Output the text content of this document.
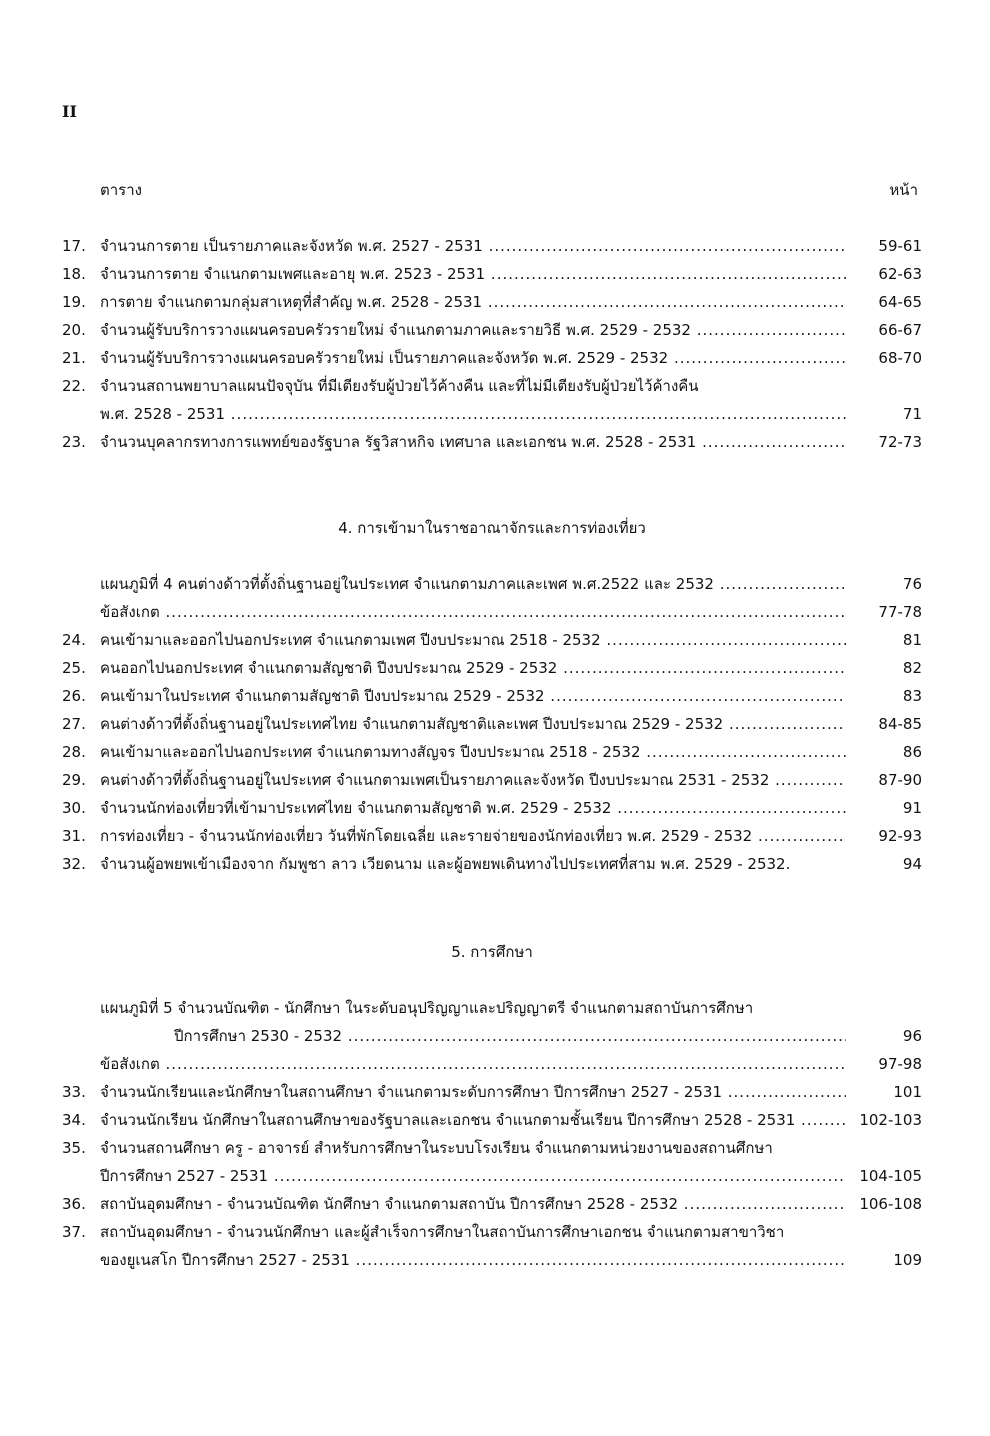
II
ตาราง	หน้า
17. จำนวนการตาย เป็นรายภาคและจังหวัด พ.ศ. 2527 - 2531 .....	59-61
18. จำนวนการตาย จำแนกตามเพศและอายุ พ.ศ. 2523 - 2531 .....	62-63
19. การตาย จำแนกตามกลุ่มสาเหตุที่สำคัญ พ.ศ. 2528 - 2531 .....	64-65
20. จำนวนผู้รับบริการวางแผนครอบครัวรายใหม่ จำแนกตามภาคและรายวิธี พ.ศ. 2529 - 2532 .....	66-67
21. จำนวนผู้รับบริการวางแผนครอบครัวรายใหม่ เป็นรายภาคและจังหวัด พ.ศ. 2529 - 2532 .....	68-70
22. จำนวนสถานพยาบาลแผนปัจจุบัน ที่มีเตียงรับผู้ป่วยไว้ค้างคืน และที่ไม่มีเตียงรับผู้ป่วยไว้ค้างคืน
พ.ศ. 2528 - 2531 .....	71
23. จำนวนบุคลากรทางการแพทย์ของรัฐบาล รัฐวิสาหกิจ เทศบาล และเอกชน พ.ศ. 2528 - 2531 .....	72-73
4. การเข้ามาในราชอาณาจักรและการท่องเที่ยว
แผนภูมิที่ 4 คนต่างด้าวที่ตั้งถิ่นฐานอยู่ในประเทศ จำแนกตามภาคและเพศ พ.ศ.2522 และ 2532 .....	76
ข้อสังเกต .....	77-78
24. คนเข้ามาและออกไปนอกประเทศ จำแนกตามเพศ ปีงบประมาณ 2518 - 2532 .....	81
25. คนออกไปนอกประเทศ จำแนกตามสัญชาติ ปีงบประมาณ 2529 - 2532 .....	82
26. คนเข้ามาในประเทศ จำแนกตามสัญชาติ ปีงบประมาณ 2529 - 2532 .....	83
27. คนต่างด้าวที่ตั้งถิ่นฐานอยู่ในประเทศไทย จำแนกตามสัญชาติและเพศ ปีงบประมาณ 2529 - 2532 .....	84-85
28. คนเข้ามาและออกไปนอกประเทศ จำแนกตามทางสัญจร ปีงบประมาณ 2518 - 2532 .....	86
29. คนต่างด้าวที่ตั้งถิ่นฐานอยู่ในประเทศ จำแนกตามเพศเป็นรายภาคและจังหวัด ปีงบประมาณ 2531 - 2532 .....	87-90
30. จำนวนนักท่องเที่ยวที่เข้ามาประเทศไทย จำแนกตามสัญชาติ พ.ศ. 2529 - 2532 .....	91
31. การท่องเที่ยว - จำนวนนักท่องเที่ยว วันที่พักโดยเฉลี่ย และรายจ่ายของนักท่องเที่ยว พ.ศ. 2529 - 2532 .....	92-93
32. จำนวนผู้อพยพเข้าเมืองจาก กัมพูชา ลาว เวียดนาม และผู้อพยพเดินทางไปประเทศที่สาม พ.ศ. 2529 - 2532.	94
5. การศึกษา
แผนภูมิที่ 5 จำนวนบัณฑิต - นักศึกษา ในระดับอนุปริญญาและปริญญาตรี จำแนกตามสถาบันการศึกษา
ปีการศึกษา 2530 - 2532 .....	96
ข้อสังเกต .....	97-98
33. จำนวนนักเรียนและนักศึกษาในสถานศึกษา จำแนกตามระดับการศึกษา ปีการศึกษา 2527 - 2531 .....	101
34. จำนวนนักเรียน นักศึกษาในสถานศึกษาของรัฐบาลและเอกชน จำแนกตามชั้นเรียน ปีการศึกษา 2528 - 2531 .....	102-103
35. จำนวนสถานศึกษา ครู - อาจารย์ สำหรับการศึกษาในระบบโรงเรียน จำแนกตามหน่วยงานของสถานศึกษา
ปีการศึกษา 2527 - 2531 .....	104-105
36. สถาบันอุดมศึกษา - จำนวนบัณฑิต นักศึกษา จำแนกตามสถาบัน ปีการศึกษา 2528 - 2532 .....	106-108
37. สถาบันอุดมศึกษา - จำนวนนักศึกษา และผู้สำเร็จการศึกษาในสถาบันการศึกษาเอกชน จำแนกตามสาขาวิชา
ของยูเนสโก ปีการศึกษา 2527 - 2531 .....	109
